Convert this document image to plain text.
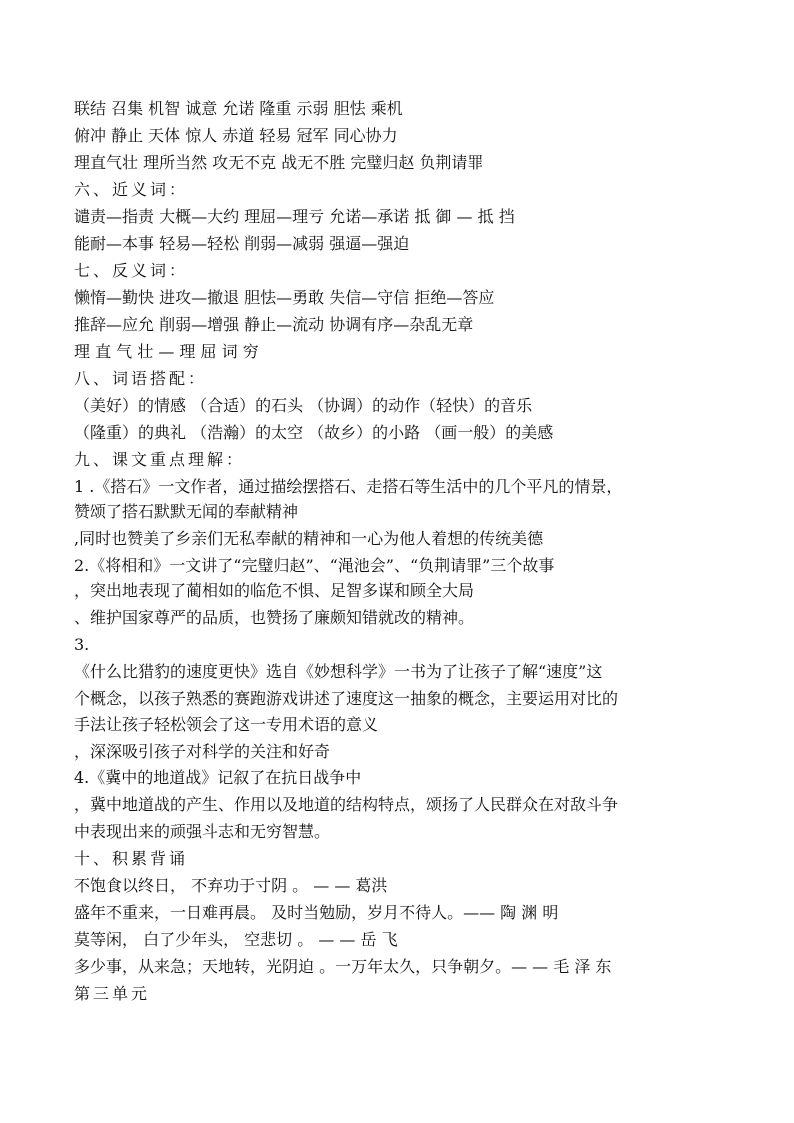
联结 召集 机智 诚意 允诺 隆重 示弱 胆怯 乘机
俯冲 静止 天体 惊人 赤道 轻易 冠军 同心协力
理直气壮 理所当然 攻无不克 战无不胜 完璧归赵 负荆请罪
六、近义词：
谴责—指责 大概—大约 理屈—理亏 允诺—承诺 抵 御 — 抵 挡
能耐—本事 轻易—轻松 削弱—减弱 强逼—强迫
七、反义词：
懒惰—勤快 进攻—撤退 胆怯—勇敢 失信—守信 拒绝—答应
推辞—应允 削弱—增强 静止—流动 协调有序—杂乱无章
理 直 气 壮 — 理 屈 词 穷
八、词语搭配：
（美好）的情感 （合适）的石头 （协调）的动作（轻快）的音乐
（隆重）的典礼 （浩瀚）的太空 （故乡）的小路 （画一般）的美感
九、课文重点理解：
1 .《搭石》一文作者，通过描绘摆搭石、走搭石等生活中的几个平凡的情景，
赞颂了搭石默默无闻的奉献精神
,同时也赞美了乡亲们无私奉献的精神和一心为他人着想的传统美德
2.《将相和》一文讲了“完璧归赵”、“渑池会”、“负荆请罪”三个故事
，突出地表现了蔺相如的临危不惧、足智多谋和顾全大局
、维护国家尊严的品质，也赞扬了廉颇知错就改的精神。
3.
《什么比猎豹的速度更快》选自《妙想科学》一书为了让孩子了解“速度”这
个概念，以孩子熟悉的赛跑游戏讲述了速度这一抽象的概念，主要运用对比的
手法让孩子轻松领会了这一专用术语的意义
，深深吸引孩子对科学的关注和好奇
4.《冀中的地道战》记叙了在抗日战争中
，冀中地道战的产生、作用以及地道的结构特点，颂扬了人民群众在对敌斗争
中表现出来的顽强斗志和无穷智慧。
十、积累背诵
不饱食以终日， 不弃功于寸阴 。 — — 葛洪
盛年不重来，一日难再晨。 及时当勉励，岁月不待人。—— 陶 渊 明
莫等闲， 白了少年头， 空悲切 。 — — 岳 飞
多少事，从来急；天地转，光阴迫 。一万年太久，只争朝夕。— — 毛 泽 东
第三单元
